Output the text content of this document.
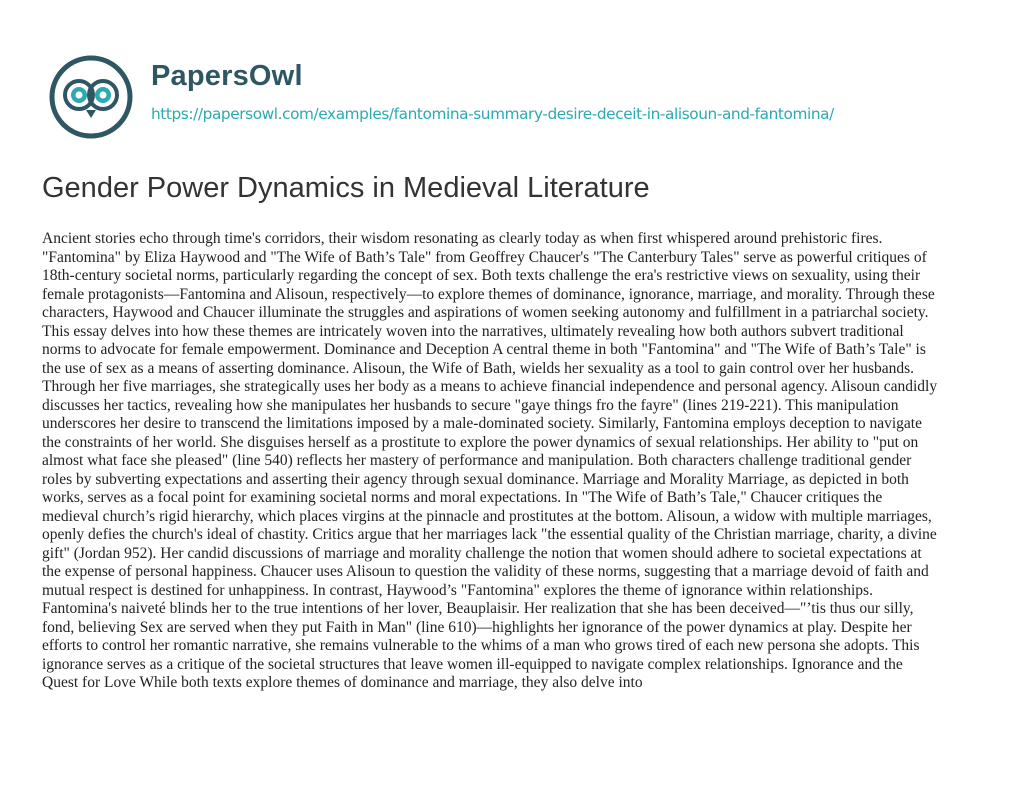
PapersOwl
https://papersowl.com/examples/fantomina-summary-desire-deceit-in-alisoun-and-fantomina/
Gender Power Dynamics in Medieval Literature
Ancient stories echo through time's corridors, their wisdom resonating as clearly today as when first whispered around prehistoric fires.
"Fantomina" by Eliza Haywood and "The Wife of Bath’s Tale" from Geoffrey Chaucer's "The Canterbury Tales" serve as powerful critiques of
18th-century societal norms, particularly regarding the concept of sex. Both texts challenge the era's restrictive views on sexuality, using their
female protagonists—Fantomina and Alisoun, respectively—to explore themes of dominance, ignorance, marriage, and morality. Through these
characters, Haywood and Chaucer illuminate the struggles and aspirations of women seeking autonomy and fulfillment in a patriarchal society.
This essay delves into how these themes are intricately woven into the narratives, ultimately revealing how both authors subvert traditional
norms to advocate for female empowerment. Dominance and Deception A central theme in both "Fantomina" and "The Wife of Bath’s Tale" is
the use of sex as a means of asserting dominance. Alisoun, the Wife of Bath, wields her sexuality as a tool to gain control over her husbands.
Through her five marriages, she strategically uses her body as a means to achieve financial independence and personal agency. Alisoun candidly
discusses her tactics, revealing how she manipulates her husbands to secure "gaye things fro the fayre" (lines 219-221). This manipulation
underscores her desire to transcend the limitations imposed by a male-dominated society. Similarly, Fantomina employs deception to navigate
the constraints of her world. She disguises herself as a prostitute to explore the power dynamics of sexual relationships. Her ability to "put on
almost what face she pleased" (line 540) reflects her mastery of performance and manipulation. Both characters challenge traditional gender
roles by subverting expectations and asserting their agency through sexual dominance. Marriage and Morality Marriage, as depicted in both
works, serves as a focal point for examining societal norms and moral expectations. In "The Wife of Bath’s Tale," Chaucer critiques the
medieval church’s rigid hierarchy, which places virgins at the pinnacle and prostitutes at the bottom. Alisoun, a widow with multiple marriages,
openly defies the church's ideal of chastity. Critics argue that her marriages lack "the essential quality of the Christian marriage, charity, a divine
gift" (Jordan 952). Her candid discussions of marriage and morality challenge the notion that women should adhere to societal expectations at
the expense of personal happiness. Chaucer uses Alisoun to question the validity of these norms, suggesting that a marriage devoid of faith and
mutual respect is destined for unhappiness. In contrast, Haywood’s "Fantomina" explores the theme of ignorance within relationships.
Fantomina's naiveté blinds her to the true intentions of her lover, Beauplaisir. Her realization that she has been deceived—"’tis thus our silly,
fond, believing Sex are served when they put Faith in Man" (line 610)—highlights her ignorance of the power dynamics at play. Despite her
efforts to control her romantic narrative, she remains vulnerable to the whims of a man who grows tired of each new persona she adopts. This
ignorance serves as a critique of the societal structures that leave women ill-equipped to navigate complex relationships. Ignorance and the
Quest for Love While both texts explore themes of dominance and marriage, they also delve into
